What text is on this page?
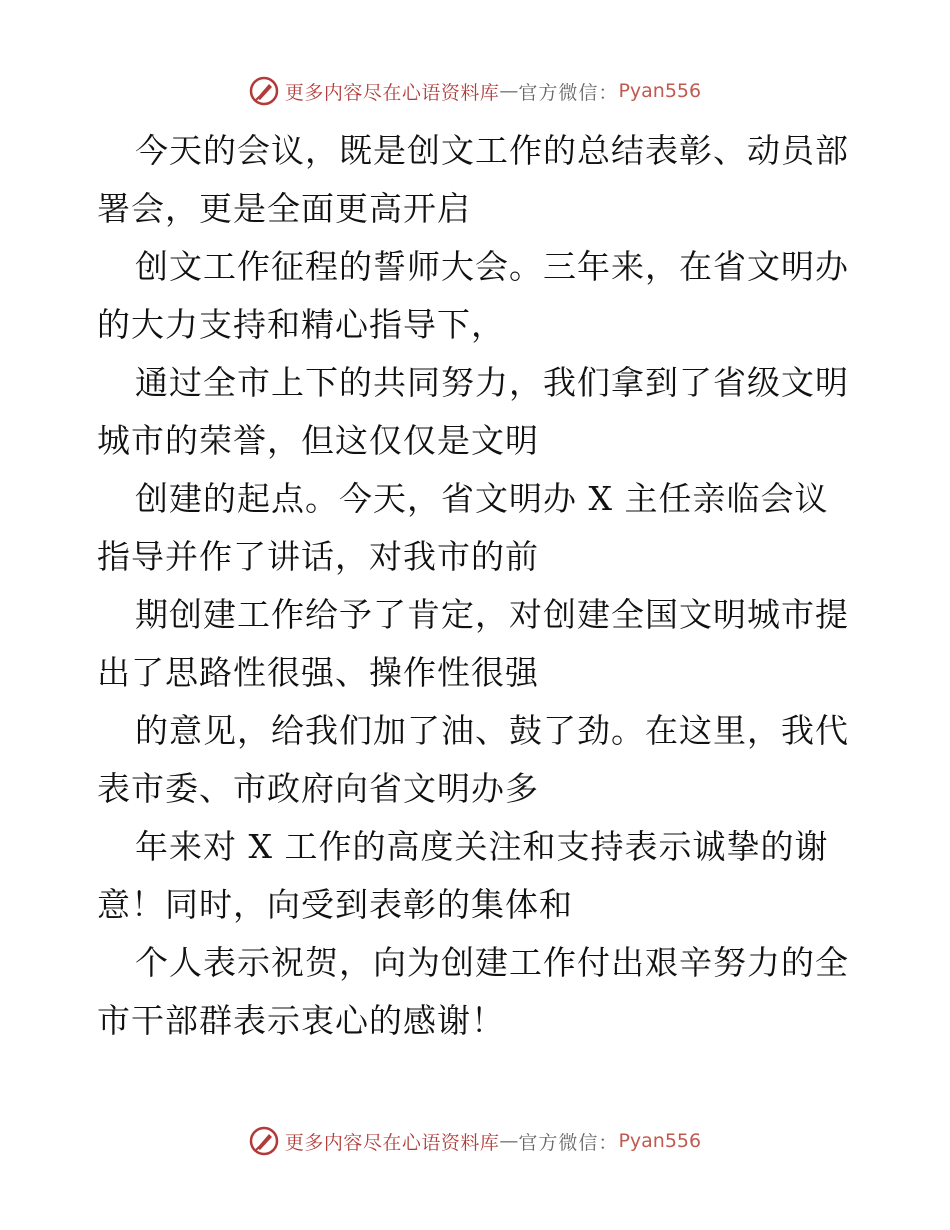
更多内容尽在心语资料库 — 官方微信： Pyan556
今天的会议，既是创文工作的总结表彰、动员部
署会，更是全面更高开启
创文工作征程的誓师大会。三年来，在省文明办
的大力支持和精心指导下，
通过全市上下的共同努力，我们拿到了省级文明
城市的荣誉，但这仅仅是文明
创建的起点。今天，省文明办 X 主任亲临会议
指导并作了讲话，对我市的前
期创建工作给予了肯定，对创建全国文明城市提
出了思路性很强、操作性很强
的意见，给我们加了油、鼓了劲。在这里，我代
表市委、市政府向省文明办多
年来对 X 工作的高度关注和支持表示诚挚的谢
意！同时，向受到表彰的集体和
个人表示祝贺，向为创建工作付出艰辛努力的全
市干部群表示衷心的感谢！
更多内容尽在心语资料库 — 官方微信： Pyan556
